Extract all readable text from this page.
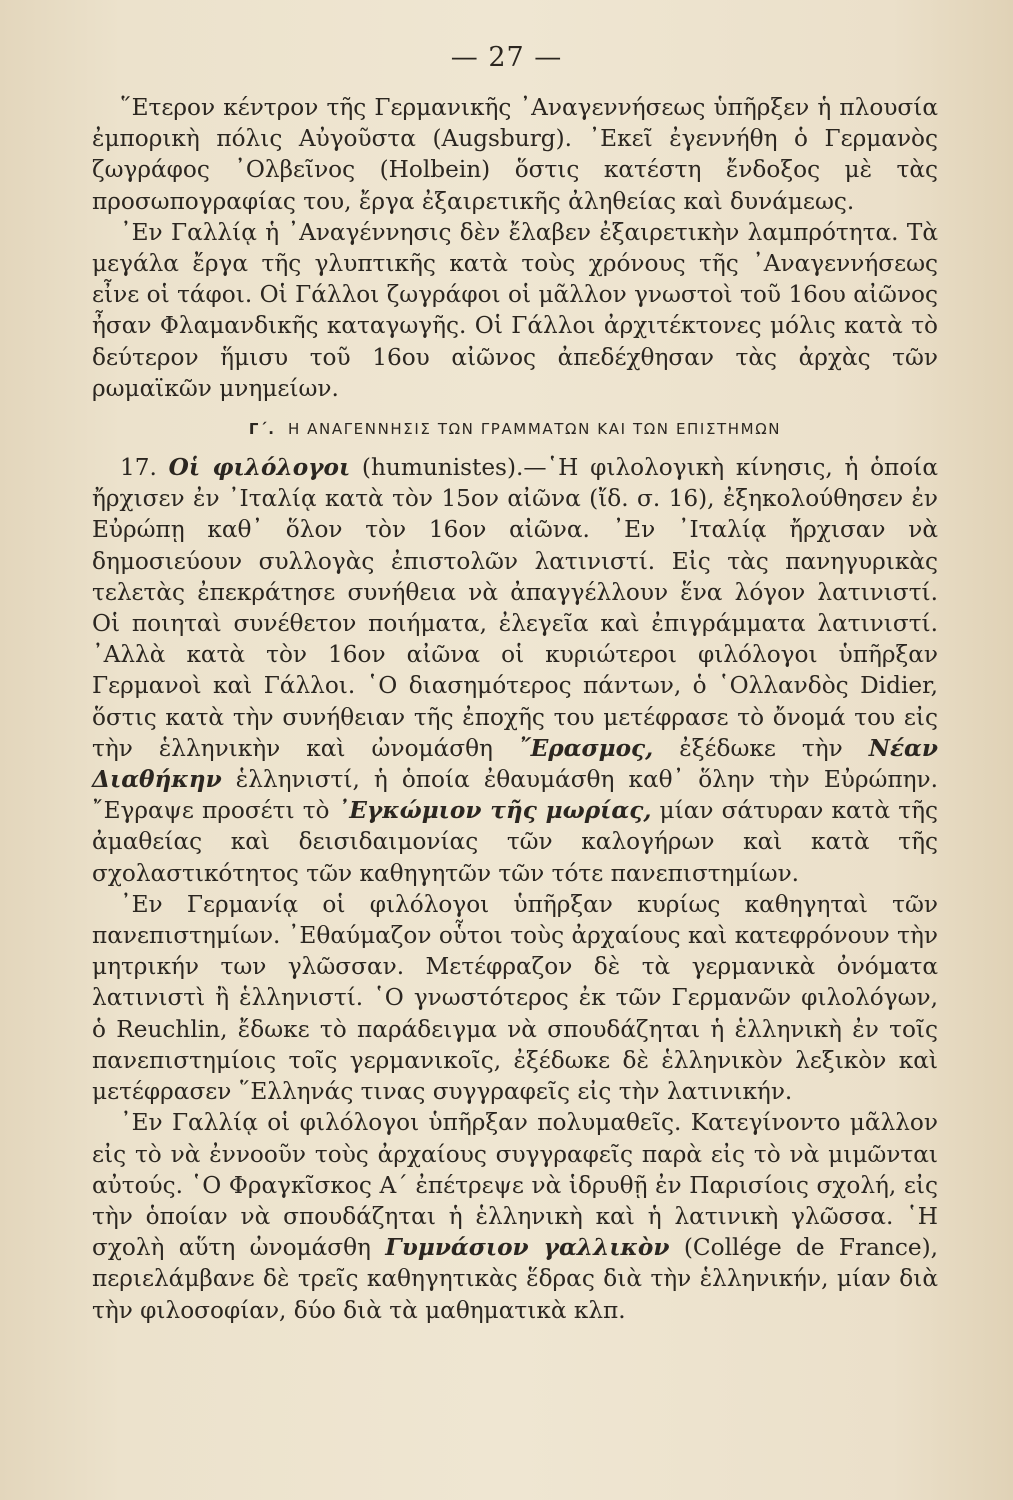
— 27 —

῞Ετερον κέντρον τῆς Γερμανικῆς ᾿Αναγεννήσεως ὑπῆρξεν ἡ πλουσία ἐμπορικὴ πόλις Αὐγοῦστα (Augsburg). ᾿Εκεῖ ἐγεννήθη ὁ Γερμανὸς ζωγράφος ᾿Ολβεῖνος (Holbein) ὅστις κατέστη ἔνδοξος μὲ τὰς προσωπογραφίας του, ἔργα ἐξαιρετικῆς ἀληθείας καὶ δυνάμεως.

᾿Εν Γαλλίᾳ ἡ ᾿Αναγέννησις δὲν ἔλαβεν ἐξαιρετικὴν λαμπρότητα. Τὰ μεγάλα ἔργα τῆς γλυπτικῆς κατὰ τοὺς χρόνους τῆς ᾿Αναγεννήσεως εἶνε οἱ τάφοι. Οἱ Γάλλοι ζωγράφοι οἱ μᾶλλον γνωστοὶ τοῦ 16ου αἰῶνος ἦσαν Φλαμανδικῆς καταγωγῆς. Οἱ Γάλλοι ἀρχιτέκτονες μόλις κατὰ τὸ δεύτερον ἥμισυ τοῦ 16ου αἰῶνος ἀπεδέχθησαν τὰς ἀρχὰς τῶν ρωμαϊκῶν μνημείων.

Γ΄. Η ΑΝΑΓΕΝΝΗΣΙΣ ΤΩΝ ΓΡΑΜΜΑΤΩΝ ΚΑΙ ΤΩΝ ΕΠΙΣΤΗΜΩΝ

17. Οἱ φιλόλογοι (humunistes).—῾Η φιλολογικὴ κίνησις, ἡ ὁποία ἤρχισεν ἐν ᾿Ιταλίᾳ κατὰ τὸν 15ον αἰῶνα (ἴδ. σ. 16), ἐξηκολούθησεν ἐν Εὐρώπῃ καθ᾿ ὅλον τὸν 16ον αἰῶνα. ᾿Εν ᾿Ιταλίᾳ ἤρχισαν νὰ δημοσιεύουν συλλογὰς ἐπιστολῶν λατινιστί. Εἰς τὰς πανηγυρικὰς τελετὰς ἐπεκράτησε συνήθεια νὰ ἀπαγγέλλουν ἕνα λόγον λατινιστί. Οἱ ποιηταὶ συνέθετον ποιήματα, ἐλεγεῖα καὶ ἐπιγράμματα λατινιστί. ᾿Αλλὰ κατὰ τὸν 16ον αἰῶνα οἱ κυριώτεροι φιλόλογοι ὑπῆρξαν Γερμανοὶ καὶ Γάλλοι. ῾Ο διασημότερος πάντων, ὁ ῾Ολλανδὸς Didier, ὅστις κατὰ τὴν συνήθειαν τῆς ἐποχῆς του μετέφρασε τὸ ὄνομά του εἰς τὴν ἑλληνικὴν καὶ ὠνομάσθη ῎Ερασμος, ἐξέδωκε τὴν Νέαν Διαθήκην ἑλληνιστί, ἡ ὁποία ἐθαυμάσθη καθ᾿ ὅλην τὴν Εὐρώπην. ῎Εγραψε προσέτι τὸ ᾿Εγκώμιον τῆς μωρίας, μίαν σάτυραν κατὰ τῆς ἀμαθείας καὶ δεισιδαιμονίας τῶν καλογήρων καὶ κατὰ τῆς σχολαστικότητος τῶν καθηγητῶν τῶν τότε πανεπιστημίων.

᾿Εν Γερμανίᾳ οἱ φιλόλογοι ὑπῆρξαν κυρίως καθηγηταὶ τῶν πανεπιστημίων. ᾿Εθαύμαζον οὗτοι τοὺς ἀρχαίους καὶ κατεφρόνουν τὴν μητρικήν των γλῶσσαν. Μετέφραζον δὲ τὰ γερμανικὰ ὀνόματα λατινιστὶ ἢ ἑλληνιστί. ῾Ο γνωστότερος ἐκ τῶν Γερμανῶν φιλολόγων, ὁ Reuchlin, ἔδωκε τὸ παράδειγμα νὰ σπουδάζηται ἡ ἑλληνικὴ ἐν τοῖς πανεπιστημίοις τοῖς γερμανικοῖς, ἐξέδωκε δὲ ἑλληνικὸν λεξικὸν καὶ μετέφρασεν ῞Ελληνάς τινας συγγραφεῖς εἰς τὴν λατινικήν.

᾿Εν Γαλλίᾳ οἱ φιλόλογοι ὑπῆρξαν πολυμαθεῖς. Κατεγίνοντο μᾶλλον εἰς τὸ νὰ ἐννοοῦν τοὺς ἀρχαίους συγγραφεῖς παρὰ εἰς τὸ νὰ μιμῶνται αὐτούς. ῾Ο Φραγκῖσκος Α΄ ἐπέτρεψε νὰ ἱδρυθῇ ἐν Παρισίοις σχολή, εἰς τὴν ὁποίαν νὰ σπουδάζηται ἡ ἑλληνικὴ καὶ ἡ λατινικὴ γλῶσσα. ῾Η σχολὴ αὕτη ὠνομάσθη Γυμνάσιον γαλλικὸν (Collége de France), περιελάμβανε δὲ τρεῖς καθηγητικὰς ἕδρας διὰ τὴν ἑλληνικήν, μίαν διὰ τὴν φιλοσοφίαν, δύο διὰ τὰ μαθηματικὰ κλπ.
